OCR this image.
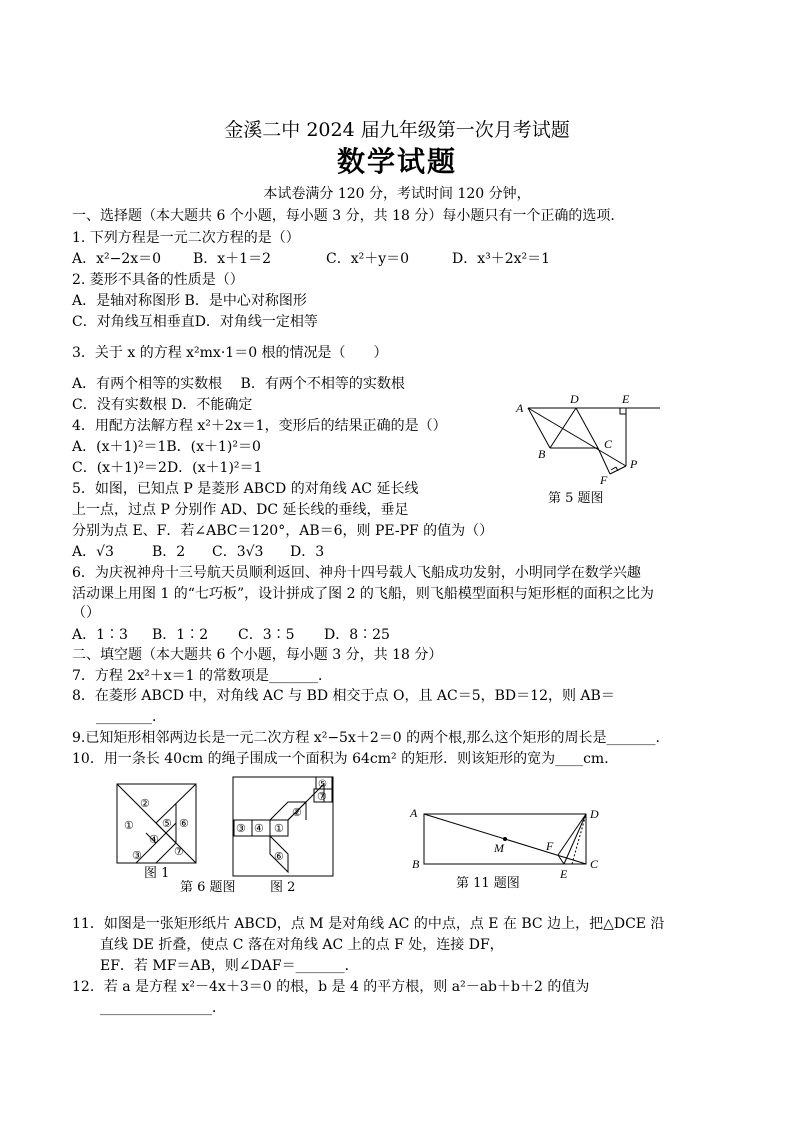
金溪二中 2024 届九年级第一次月考试题
数学试题
本试卷满分 120 分，考试时间 120 分钟，
一、选择题（本大题共 6 个小题，每小题 3 分，共 18 分）每小题只有一个正确的选项.
1. 下列方程是一元二次方程的是（）
A．x²−2x＝0 B．x＋1＝2	C．x²＋y＝0	D．x³＋2x²＝1
2. 菱形不具备的性质是（）
A．是轴对称图形 B．是中心对称图形
C．对角线互相垂直D．对角线一定相等
3．关于 x 的方程 x²mx·1＝0 根的情况是（　　）
A．有两个相等的实数根　 B．有两个不相等的实数根
C．没有实数根 D．不能确定
4．用配方法解方程 x²＋2x＝1，变形后的结果正确的是（）
A．(x＋1)²＝1B．(x＋1)²＝0
C．(x＋1)²＝2D．(x＋1)²＝1
5．如图，已知点 P 是菱形 ABCD 的对角线 AC 延长线
上一点，过点 P 分别作 AD、DC 延长线的垂线，垂足
分别为点 E、F．若∠ABC＝120°，AB＝6，则 PE-PF 的值为（）
A．√3	B．2 C．3√3 D．3
A
B
C
D	E
F
P
第 5 题图
6．为庆祝神舟十三号航天员顺利返回、神舟十四号载人飞船成功发射，小明同学在数学兴趣
活动课上用图 1 的“七巧板”，设计拼成了图 2 的飞船，则飞船模型面积与矩形框的面积之比为
（）
A．1∶3 B．1∶2 C．3∶5 D．8∶25
二、填空题（本大题共 6 个小题，每小题 3 分，共 18 分）
7．方程 2x²＋x＝1 的常数项是_______．
8．在菱形 ABCD 中，对角线 AC 与 BD 相交于点 O，且 AC＝5，BD＝12，则 AB＝
________．
9.已知矩形相邻两边长是一元二次方程 x²−5x＋2＝0 的两个根,那么这个矩形的周长是_______.
10．用一条长 40cm 的绳子围成一个面积为 64cm² 的矩形．则该矩形的宽为____cm．
②
①	⑤ ⑥
④
⑦
③
图 1
③ ④ ①
②
⑤
⑦
⑥
第 6 题图	图 2
A	D
B	C
M	F
E
第 11 题图
11．如图是一张矩形纸片 ABCD，点 M 是对角线 AC 的中点，点 E 在 BC 边上，把△DCE 沿
直线 DE 折叠，使点 C 落在对角线 AC 上的点 F 处，连接 DF，
EF．若 MF＝AB，则∠DAF＝_______．
12．若 a 是方程 x²－4x＋3＝0 的根，b 是 4 的平方根，则 a²－ab＋b＋2 的值为
________________．
